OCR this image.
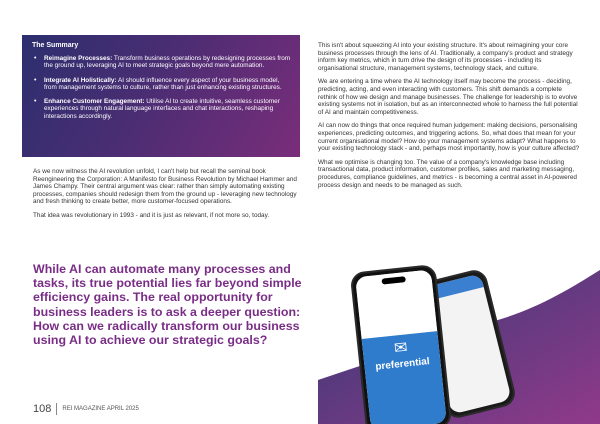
The Summary
• Reimagine Processes: Transform business operations by redesigning processes from the ground up, leveraging AI to meet strategic goals beyond mere automation.
• Integrate AI Holistically: AI should influence every aspect of your business model, from management systems to culture, rather than just enhancing existing structures.
• Enhance Customer Engagement: Utilise AI to create intuitive, seamless customer experiences through natural language interfaces and chat interactions, reshaping interactions accordingly.

As we now witness the AI revolution unfold, I can't help but recall the seminal book Reengineering the Corporation: A Manifesto for Business Revolution by Michael Hammer and James Champy. Their central argument was clear: rather than simply automating existing processes, companies should redesign them from the ground up - leveraging new technology and fresh thinking to create better, more customer-focused operations.

That idea was revolutionary in 1993 - and it is just as relevant, if not more so, today.

While AI can automate many processes and tasks, its true potential lies far beyond simple efficiency gains. The real opportunity for business leaders is to ask a deeper question: How can we radically transform our business using AI to achieve our strategic goals?

This isn't about squeezing AI into your existing structure. It's about reimagining your core business processes through the lens of AI. Traditionally, a company's product and strategy inform key metrics, which in turn drive the design of its processes - including its organisational structure, management systems, technology stack, and culture.

We are entering a time where the AI technology itself may become the process - deciding, predicting, acting, and even interacting with customers. This shift demands a complete rethink of how we design and manage businesses. The challenge for leadership is to evolve existing systems not in isolation, but as an interconnected whole to harness the full potential of AI and maintain competitiveness.

AI can now do things that once required human judgement: making decisions, personalising experiences, predicting outcomes, and triggering actions. So, what does that mean for your current organisational model? How do your management systems adapt? What happens to your existing technology stack - and, perhaps most importantly, how is your culture affected?

What we optimise is changing too. The value of a company's knowledge base including transactional data, product information, customer profiles, sales and marketing messaging, procedures, compliance guidelines, and metrics - is becoming a central asset in AI-powered process design and needs to be managed as such.

✉
preferential
108	REI MAGAZINE APRIL 2025
